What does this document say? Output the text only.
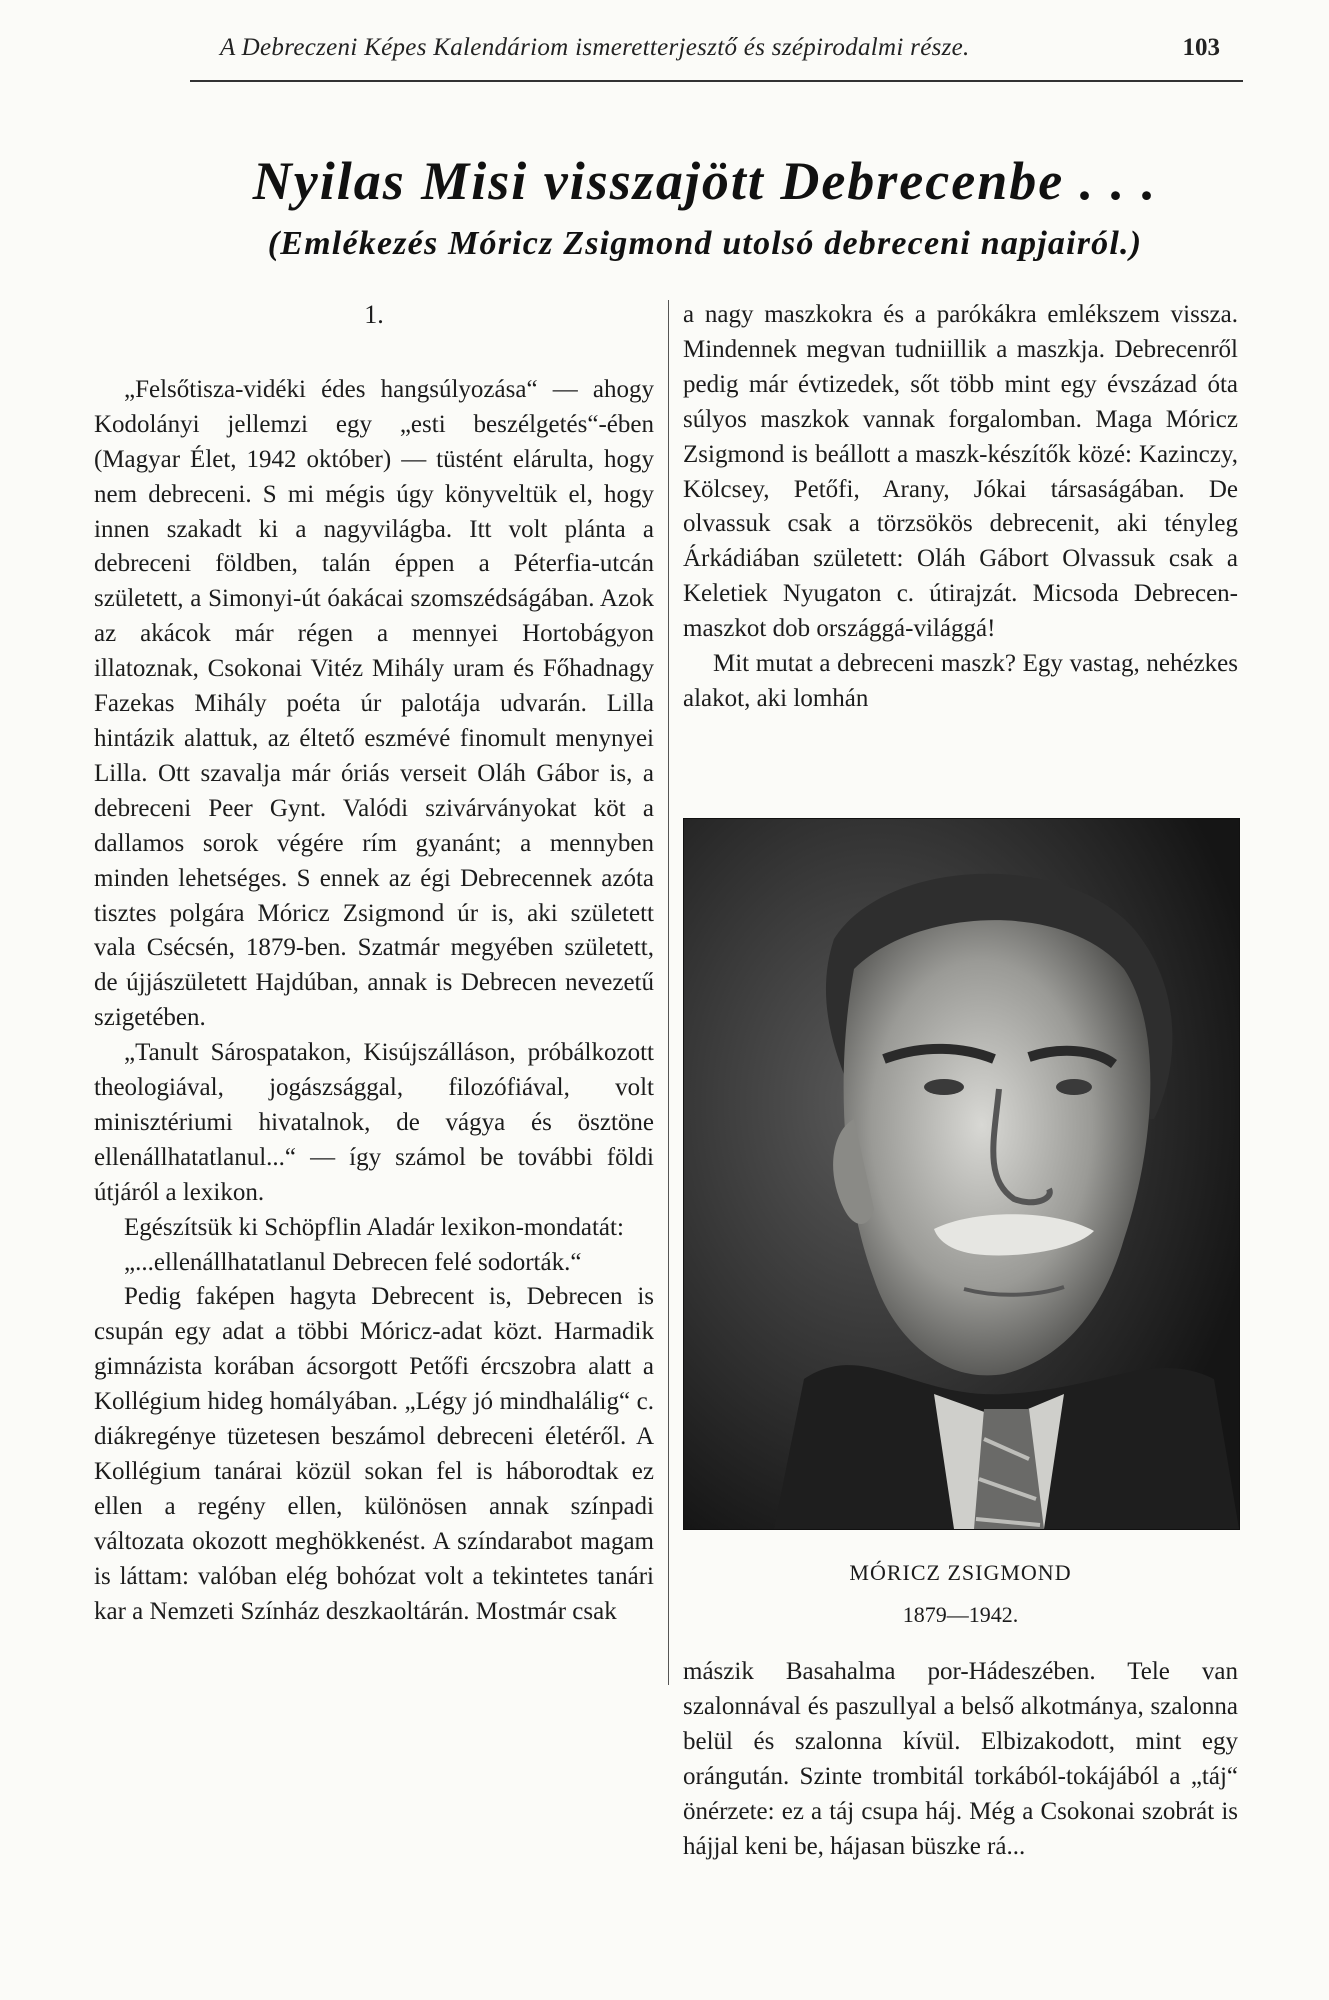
A Debreczeni Képes Kalendáriom ismeretterjesztő és szépirodalmi része.	103
Nyilas Misi visszajött Debrecenbe . . .
(Emlékezés Móricz Zsigmond utolsó debreceni napjairól.)
1.

„Felsőtisza-vidéki édes hangsúlyozása“ — ahogy Kodolányi jellemzi egy „esti beszélgetés“-ében (Magyar Élet, 1942 október) — tüstént elárulta, hogy nem debreceni. S mi mégis úgy könyveltük el, hogy innen szakadt ki a nagyvilágba. Itt volt plánta a debreceni földben, talán éppen a Péterfia-utcán született, a Simonyi-út óakácai szomszédságában. Azok az akácok már régen a mennyei Hortobágyon illatoznak, Csokonai Vitéz Mihály uram és Főhadnagy Fazekas Mihály poéta úr palotája udvarán. Lilla hintázik alattuk, az éltető eszmévé finomult menynyei Lilla. Ott szavalja már óriás verseit Oláh Gábor is, a debreceni Peer Gynt. Valódi szivárványokat köt a dallamos sorok végére rím gyanánt; a mennyben minden lehetséges. S ennek az égi Debrecennek azóta tisztes polgára Móricz Zsigmond úr is, aki született vala Csécsén, 1879-ben. Szatmár megyében született, de újjászületett Hajdúban, annak is Debrecen nevezetű szigetében.

„Tanult Sárospatakon, Kisújszálláson, próbálkozott theologiával, jogászsággal, filozófiával, volt minisztériumi hivatalnok, de vágya és ösztöne ellenállhatatlanul...“ — így számol be további földi útjáról a lexikon.

Egészítsük ki Schöpflin Aladár lexikon-mondatát:

„...ellenállhatatlanul Debrecen felé sodorták.“

Pedig faképen hagyta Debrecent is, Debrecen is csupán egy adat a többi Móricz-adat közt. Harmadik gimnázista korában ácsorgott Petőfi ércszobra alatt a Kollégium hideg homályában. „Légy jó mindhalálig“ c. diákregénye tüzetesen beszámol debreceni életéről. A Kollégium tanárai közül sokan fel is háborodtak ez ellen a regény ellen, különösen annak színpadi változata okozott meghökkenést. A színdarabot magam is láttam: valóban elég bohózat volt a tekintetes tanári kar a Nemzeti Színház deszkaoltárán. Mostmár csak

a nagy maszkokra és a parókákra emlékszem vissza. Mindennek megvan tudniillik a maszkja. Debrecenről pedig már évtizedek, sőt több mint egy évszázad óta súlyos maszkok vannak forgalomban. Maga Móricz Zsigmond is beállott a maszk-készítők közé: Kazinczy, Kölcsey, Petőfi, Arany, Jókai társaságában. De olvassuk csak a törzsökös debrecenit, aki tényleg Árkádiában született: Oláh Gábort Olvassuk csak a Keletiek Nyugaton c. útirajzát. Micsoda Debrecen-maszkot dob országgá-világgá!

Mit mutat a debreceni maszk? Egy vastag, nehézkes alakot, aki lomhán

MÓRICZ ZSIGMOND
1879—1942.

mászik Basahalma por-Hádeszében. Tele van szalonnával és paszullyal a belső alkotmánya, szalonna belül és szalonna kívül. Elbizakodott, mint egy orángután. Szinte trombitál torkából-tokájából a „táj“ önérzete: ez a táj csupa háj. Még a Csokonai szobrát is hájjal keni be, hájasan büszke rá...
